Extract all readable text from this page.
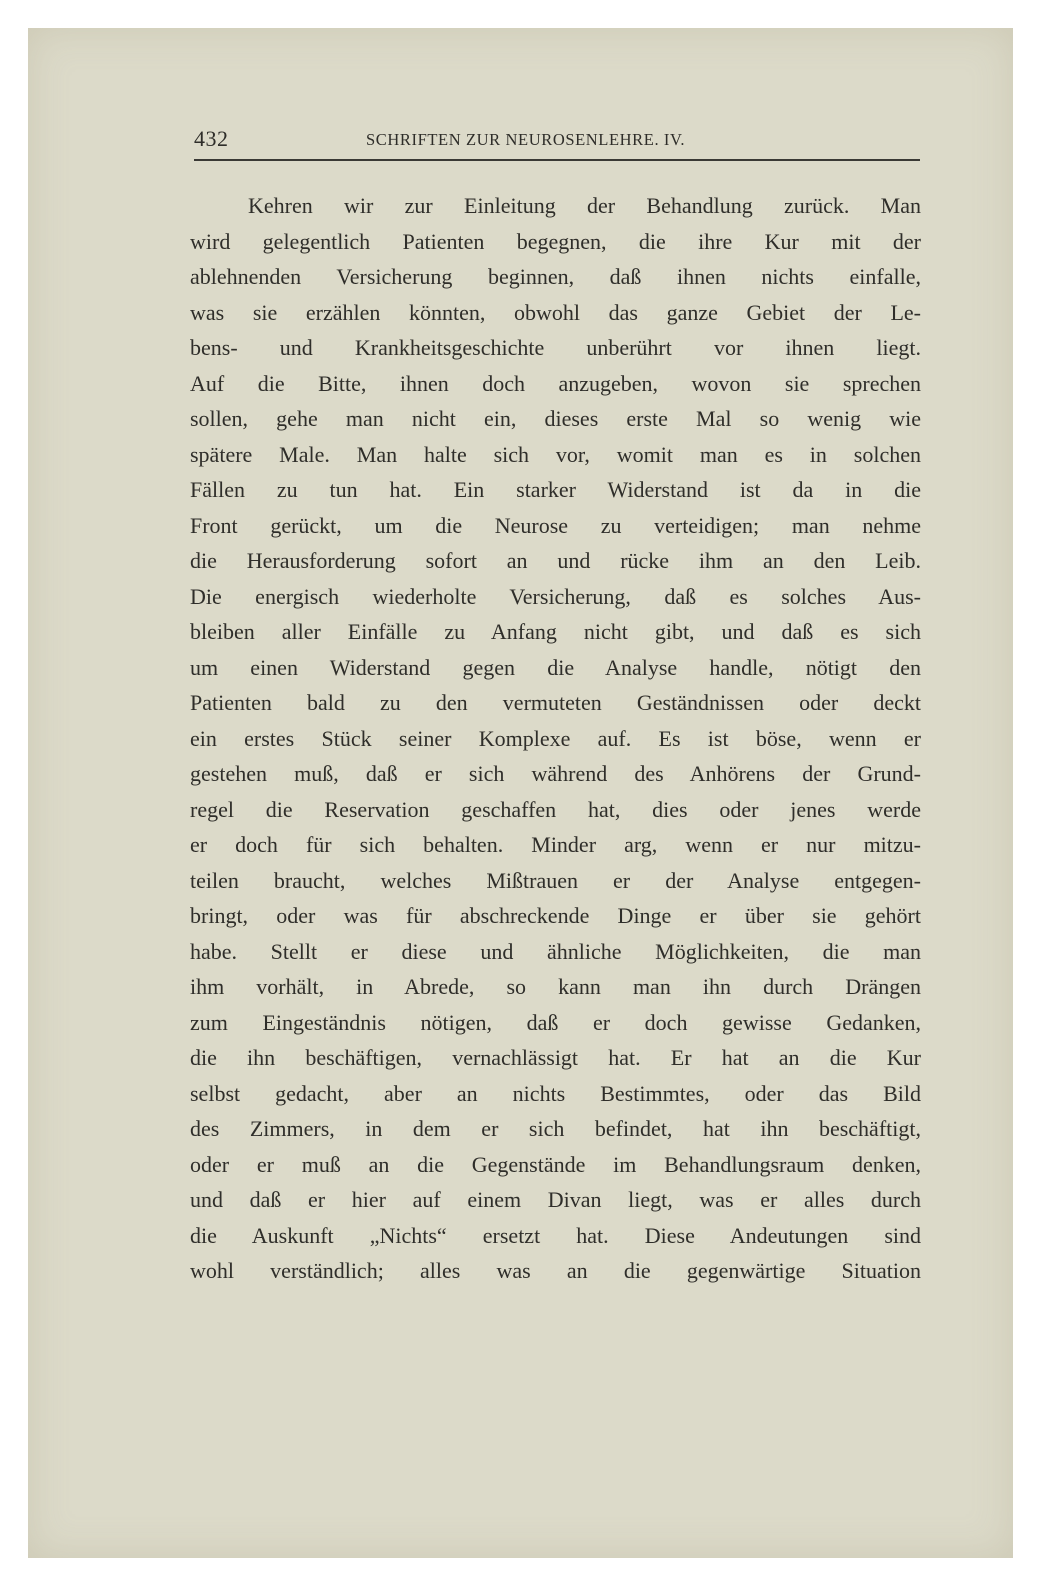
432	SCHRIFTEN ZUR NEUROSENLEHRE. IV.
Kehren wir zur Einleitung der Behandlung zurück. Man
wird gelegentlich Patienten begegnen, die ihre Kur mit der
ablehnenden Versicherung beginnen, daß ihnen nichts einfalle,
was sie erzählen könnten, obwohl das ganze Gebiet der Le-
bens- und Krankheitsgeschichte unberührt vor ihnen liegt.
Auf die Bitte, ihnen doch anzugeben, wovon sie sprechen
sollen, gehe man nicht ein, dieses erste Mal so wenig wie
spätere Male. Man halte sich vor, womit man es in solchen
Fällen zu tun hat. Ein starker Widerstand ist da in die
Front gerückt, um die Neurose zu verteidigen; man nehme
die Herausforderung sofort an und rücke ihm an den Leib.
Die energisch wiederholte Versicherung, daß es solches Aus-
bleiben aller Einfälle zu Anfang nicht gibt, und daß es sich
um einen Widerstand gegen die Analyse handle, nötigt den
Patienten bald zu den vermuteten Geständnissen oder deckt
ein erstes Stück seiner Komplexe auf. Es ist böse, wenn er
gestehen muß, daß er sich während des Anhörens der Grund-
regel die Reservation geschaffen hat, dies oder jenes werde
er doch für sich behalten. Minder arg, wenn er nur mitzu-
teilen braucht, welches Mißtrauen er der Analyse entgegen-
bringt, oder was für abschreckende Dinge er über sie gehört
habe. Stellt er diese und ähnliche Möglichkeiten, die man
ihm vorhält, in Abrede, so kann man ihn durch Drängen
zum Eingeständnis nötigen, daß er doch gewisse Gedanken,
die ihn beschäftigen, vernachlässigt hat. Er hat an die Kur
selbst gedacht, aber an nichts Bestimmtes, oder das Bild
des Zimmers, in dem er sich befindet, hat ihn beschäftigt,
oder er muß an die Gegenstände im Behandlungsraum denken,
und daß er hier auf einem Divan liegt, was er alles durch
die Auskunft „Nichts“ ersetzt hat. Diese Andeutungen sind
wohl verständlich; alles was an die gegenwärtige Situation
